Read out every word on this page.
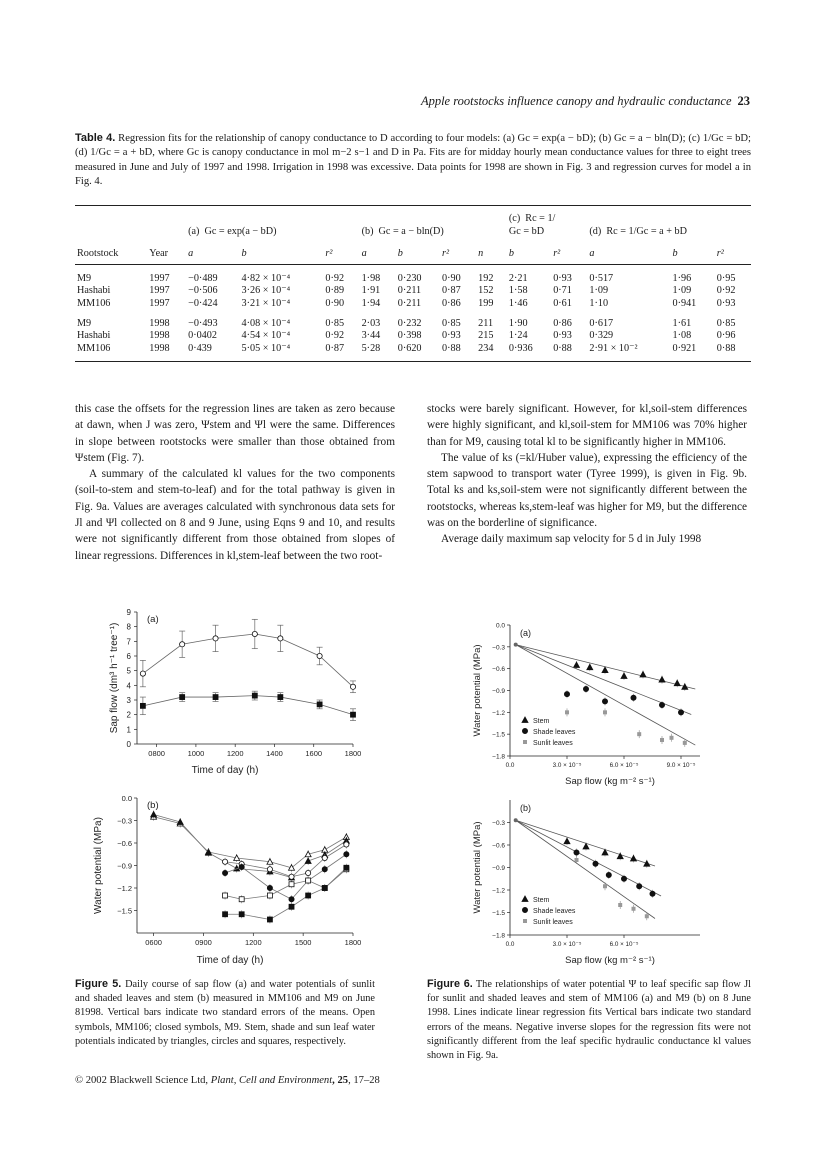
Apple rootstocks influence canopy and hydraulic conductance 23
Table 4. Regression fits for the relationship of canopy conductance to D according to four models: (a) Gc = exp(a − bD); (b) Gc = a − bln(D); (c) 1/Gc = bD; (d) 1/Gc = a + bD, where Gc is canopy conductance in mol m−2 s−1 and D in Pa. Fits are for midday hourly mean conductance values for three to eight trees measured in June and July of 1997 and 1998. Irrigation in 1998 was excessive. Data points for 1998 are shown in Fig. 3 and regression curves for model a in Fig. 4.
		(a)  Gc = exp(a − bD)			(b)  Gc = a − bln(D)				(c)  Rc = 1/
Gc = bD		(d)  Rc = 1/Gc = a + bD		
Rootstock	Year	a	b	r²	a	b	r²	n	b	r²	a	b	r²
M9	1997	−0·489	4·82 × 10⁻⁴	0·92	1·98	0·230	0·90	192	2·21	0·93	0·517	1·96	0·95
Hashabi	1997	−0·506	3·26 × 10⁻⁴	0·89	1·91	0·211	0·87	152	1·58	0·71	1·09	1·09	0·92
MM106	1997	−0·424	3·21 × 10⁻⁴	0·90	1·94	0·211	0·86	199	1·46	0·61	1·10	0·941	0·93
M9	1998	−0·493	4·08 × 10⁻⁴	0·85	2·03	0·232	0·85	211	1·90	0·86	0·617	1·61	0·85
Hashabi	1998	0·0402	4·54 × 10⁻⁴	0·92	3·44	0·398	0·93	215	1·24	0·93	0·329	1·08	0·96
MM106	1998	0·439	5·05 × 10⁻⁴	0·87	5·28	0·620	0·88	234	0·936	0·88	2·91 × 10⁻²	0·921	0·88

this case the offsets for the regression lines are taken as zero because at dawn, when J was zero, Ψstem and Ψl were the same. Differences in slope between rootstocks were smaller than those obtained from Ψstem (Fig. 7).

A summary of the calculated kl values for the two components (soil-to-stem and stem-to-leaf) and for the total pathway is given in Fig. 9a. Values are averages calculated with synchronous data sets for Jl and Ψl collected on 8 and 9 June, using Eqns 9 and 10, and results were not significantly different from those obtained from slopes of linear regressions. Differences in kl,stem-leaf between the two root-

stocks were barely significant. However, for kl,soil-stem differences were highly significant, and kl,soil-stem for MM106 was 70% higher than for M9, causing total kl to be significantly higher in MM106.

The value of ks (=kl/Huber value), expressing the efficiency of the stem sapwood to transport water (Tyree 1999), is given in Fig. 9b. Total ks and ks,soil-stem were not significantly different between the rootstocks, whereas ks,stem-leaf was higher for M9, but the difference was on the borderline of significance.

Average daily maximum sap velocity for 5 d in July 1998

0
1
2
3
4
5
6
7
8
9
0800	1000	1200	1400	1600	1800
(a)
Time of day (h)
Sap flow (dm³ h⁻¹ tree⁻¹)
0.0
−0.3
−0.6
−0.9
−1.2
−1.5
0600	0900	1200	1500	1800
(b)
Time of day (h)
Water potential (MPa)
0.0
−0.3
−0.6
−0.9
−1.2
−1.5
−1.8
0.0	3.0 × 10⁻⁵	6.0 × 10⁻⁵	9.0 × 10⁻⁵
(a)
Sap flow (kg m⁻² s⁻¹)
Water potential (MPa)	Stem
Shade leaves
Sunlit leaves
−0.3
−0.6
−0.9
−1.2
−1.5
−1.8
0.0	3.0 × 10⁻⁵	6.0 × 10⁻⁵
(b)
Sap flow (kg m⁻² s⁻¹)
Water potential (MPa)	Stem
Shade leaves
Sunlit leaves
Figure 5. Daily course of sap flow (a) and water potentials of sunlit and shaded leaves and stem (b) measured in MM106 and M9 on June 81998. Vertical bars indicate two standard errors of the means. Open symbols, MM106; closed symbols, M9. Stem, shade and sun leaf water potentials indicated by triangles, circles and squares, respectively.
Figure 6. The relationships of water potential Ψ to leaf specific sap flow Jl for sunlit and shaded leaves and stem of MM106 (a) and M9 (b) on 8 June 1998. Lines indicate linear regression fits Vertical bars indicate two standard errors of the means. Negative inverse slopes for the regression fits were not significantly different from the leaf specific hydraulic conductance kl values shown in Fig. 9a.
© 2002 Blackwell Science Ltd, Plant, Cell and Environment, 25, 17–28
